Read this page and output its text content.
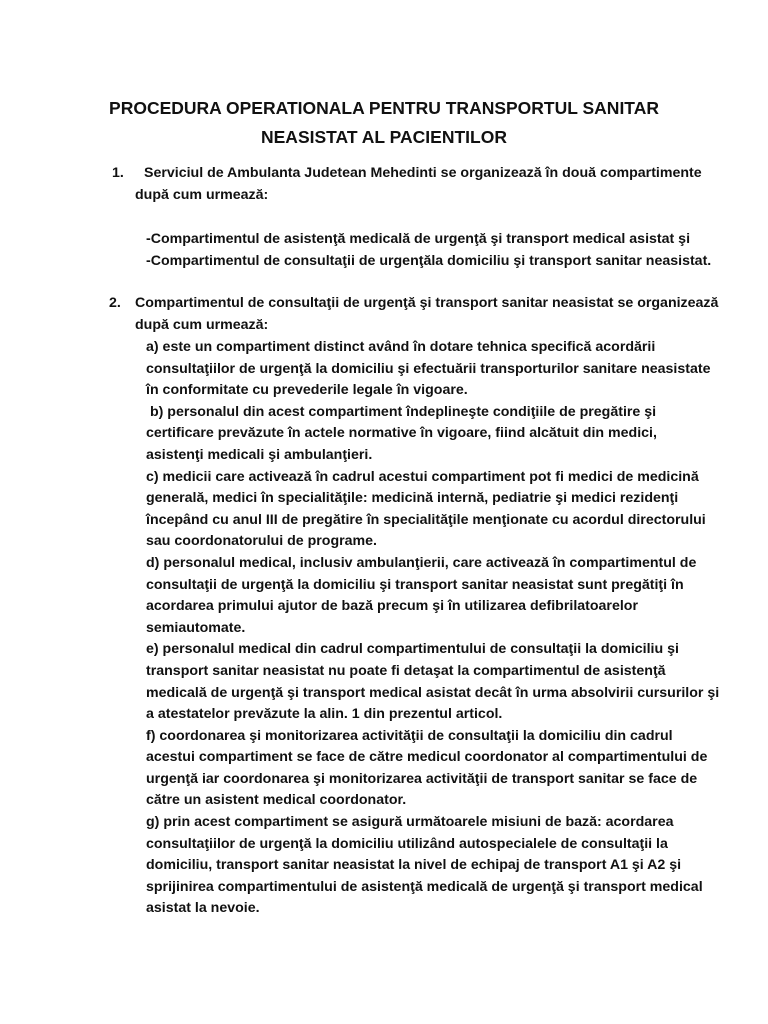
PROCEDURA OPERATIONALA PENTRU TRANSPORTUL SANITAR
NEASISTAT AL PACIENTILOR
1.	Serviciul de Ambulanta Judetean Mehedinti se organizează în două compartimente
după cum urmează:
-Compartimentul de asistenţă medicală de urgenţă şi transport medical asistat şi
-Compartimentul de consultaţii de urgenţăla domiciliu şi transport sanitar neasistat.
2. Compartimentul de consultaţii de urgenţă şi transport sanitar neasistat se organizează
după cum urmează:
a) este un compartiment distinct având în dotare tehnica specifică acordării
consultaţiilor de urgenţă la domiciliu şi efectuării transporturilor sanitare neasistate
în conformitate cu prevederile legale în vigoare.
b) personalul din acest compartiment îndeplineşte condiţiile de pregătire şi
certificare prevăzute în actele normative în vigoare, fiind alcătuit din medici,
asistenţi medicali şi ambulanţieri.
c) medicii care activează în cadrul acestui compartiment pot fi medici de medicină
generală, medici în specialităţile: medicină internă, pediatrie şi medici rezidenţi
începând cu anul III de pregătire în specialităţile menţionate cu acordul directorului
sau coordonatorului de programe.
d) personalul medical, inclusiv ambulanţierii, care activează în compartimentul de
consultaţii de urgenţă la domiciliu şi transport sanitar neasistat sunt pregătiţi în
acordarea primului ajutor de bază precum şi în utilizarea defibrilatoarelor
semiautomate.
e) personalul medical din cadrul compartimentului de consultaţii la domiciliu şi
transport sanitar neasistat nu poate fi detaşat la compartimentul de asistenţă
medicală de urgenţă şi transport medical asistat decât în urma absolvirii cursurilor şi
a atestatelor prevăzute la alin. 1 din prezentul articol.
f) coordonarea şi monitorizarea activităţii de consultaţii la domiciliu din cadrul
acestui compartiment se face de către medicul coordonator al compartimentului de
urgenţă iar coordonarea şi monitorizarea activităţii de transport sanitar se face de
către un asistent medical coordonator.
g) prin acest compartiment se asigură următoarele misiuni de bază: acordarea
consultaţiilor de urgenţă la domiciliu utilizând autospecialele de consultaţii la
domiciliu, transport sanitar neasistat la nivel de echipaj de transport A1 şi A2 şi
sprijinirea compartimentului de asistenţă medicală de urgenţă şi transport medical
asistat la nevoie.
